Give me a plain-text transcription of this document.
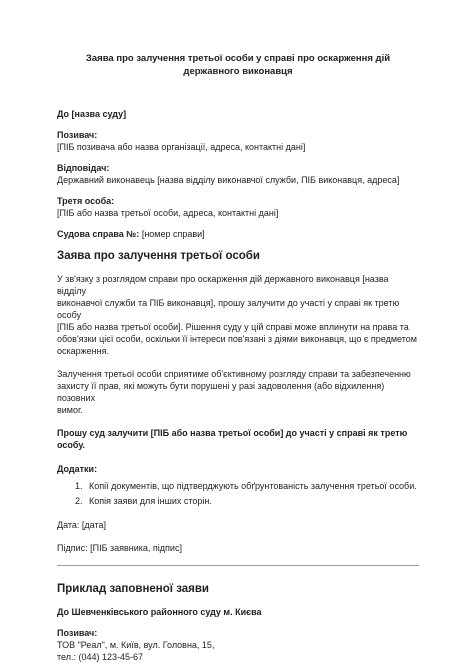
Заява про залучення третьої особи у справі про оскарження дій
державного виконавця

До [назва суду]

Позивач:

[ПІБ позивача або назва організації, адреса, контактні дані]

Відповідач:

Державний виконавець [назва відділу виконавчої служби, ПІБ виконавця, адреса]

Третя особа:

[ПІБ або назва третьої особи, адреса, контактні дані]

Судова справа №: [номер справи]

Заява про залучення третьої особи
У зв'язку з розглядом справи про оскарження дій державного виконавця [назва відділу
виконавчої служби та ПІБ виконавця], прошу залучити до участі у справі як третю особу
[ПІБ або назва третьої особи]. Рішення суду у цій справі може вплинути на права та
обов'язки цієї особи, оскільки її інтереси пов'язані з діями виконавця, що є предметом
оскарження.
Залучення третьої особи сприятиме об'єктивному розгляду справи та забезпеченню
захисту її прав, які можуть бути порушені у разі задоволення (або відхилення) позовних
вимог.
Прошу суд залучити [ПІБ або назва третьої особи] до участі у справі як третю
особу.
Додатки:
1. Копії документів, що підтверджують обґрунтованість залучення третьої особи.
2. Копія заяви для інших сторін.
Дата: [дата]
Підпис: [ПІБ заявника, підпис]
Приклад заповненої заяви

До Шевченківського районного суду м. Києва

Позивач:

ТОВ "Реал", м. Київ, вул. Головна, 15,

тел.: (044) 123-45-67
